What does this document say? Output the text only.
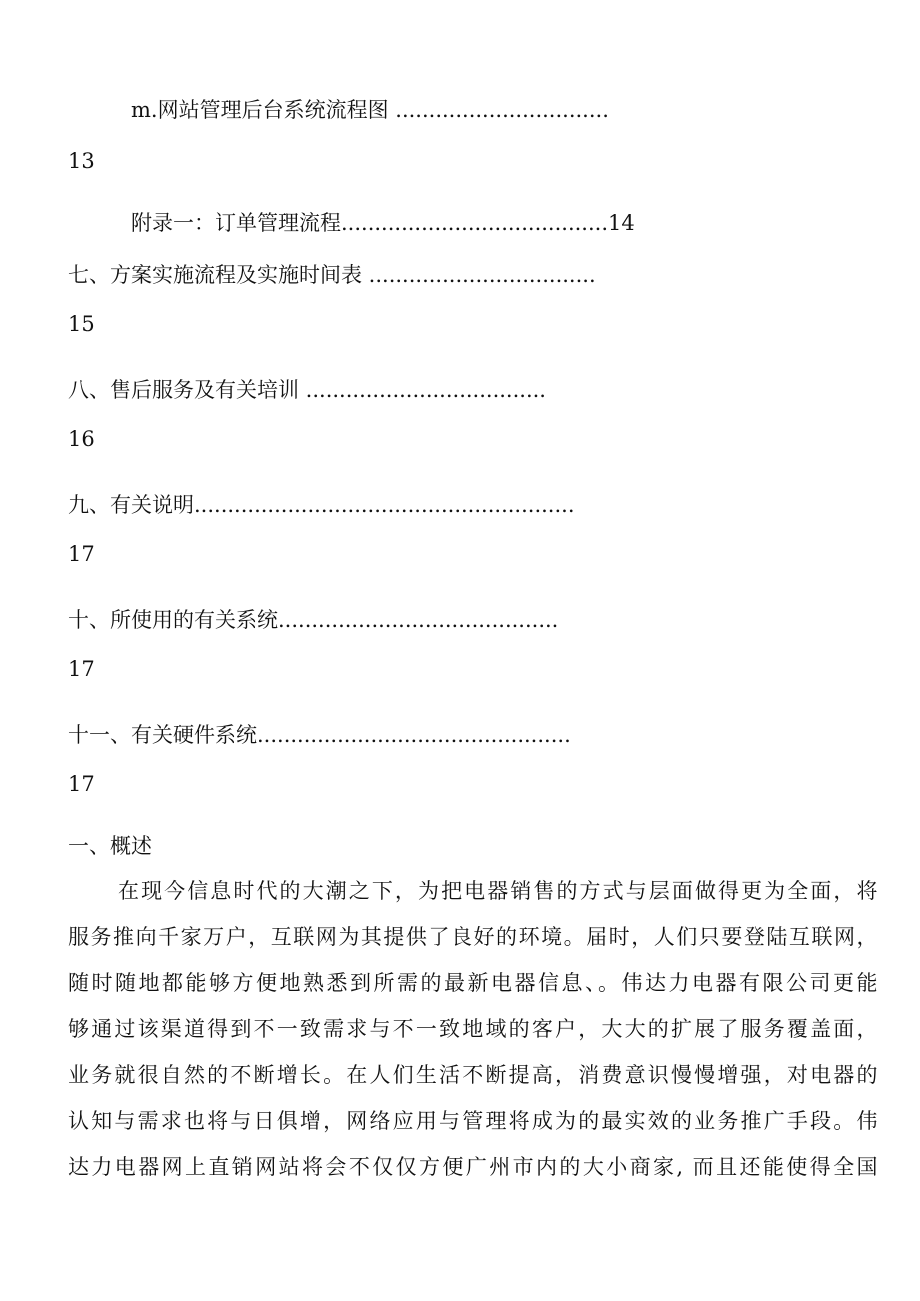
m.网站管理后台系统流程图 ................................
13
附录一：订单管理流程........................................14
七、方案实施流程及实施时间表 ..................................
15
八、售后服务及有关培训 ....................................
16
九、有关说明.........................................................
17
十、所使用的有关系统..........................................
17
十一、有关硬件系统...............................................
17
一、概述
在现今信息时代的大潮之下，为把电器销售的方式与层面做得更为全面，将
服务推向千家万户，互联网为其提供了良好的环境。届时，人们只要登陆互联网，
随时随地都能够方便地熟悉到所需的最新电器信息、。伟达力电器有限公司更能
够通过该渠道得到不一致需求与不一致地域的客户，大大的扩展了服务覆盖面，
业务就很自然的不断增长。在人们生活不断提高，消费意识慢慢增强，对电器的
认知与需求也将与日俱增，网络应用与管理将成为的最实效的业务推广手段。伟
达力电器网上直销网站将会不仅仅方便广州市内的大小商家, 而且还能使得全国
